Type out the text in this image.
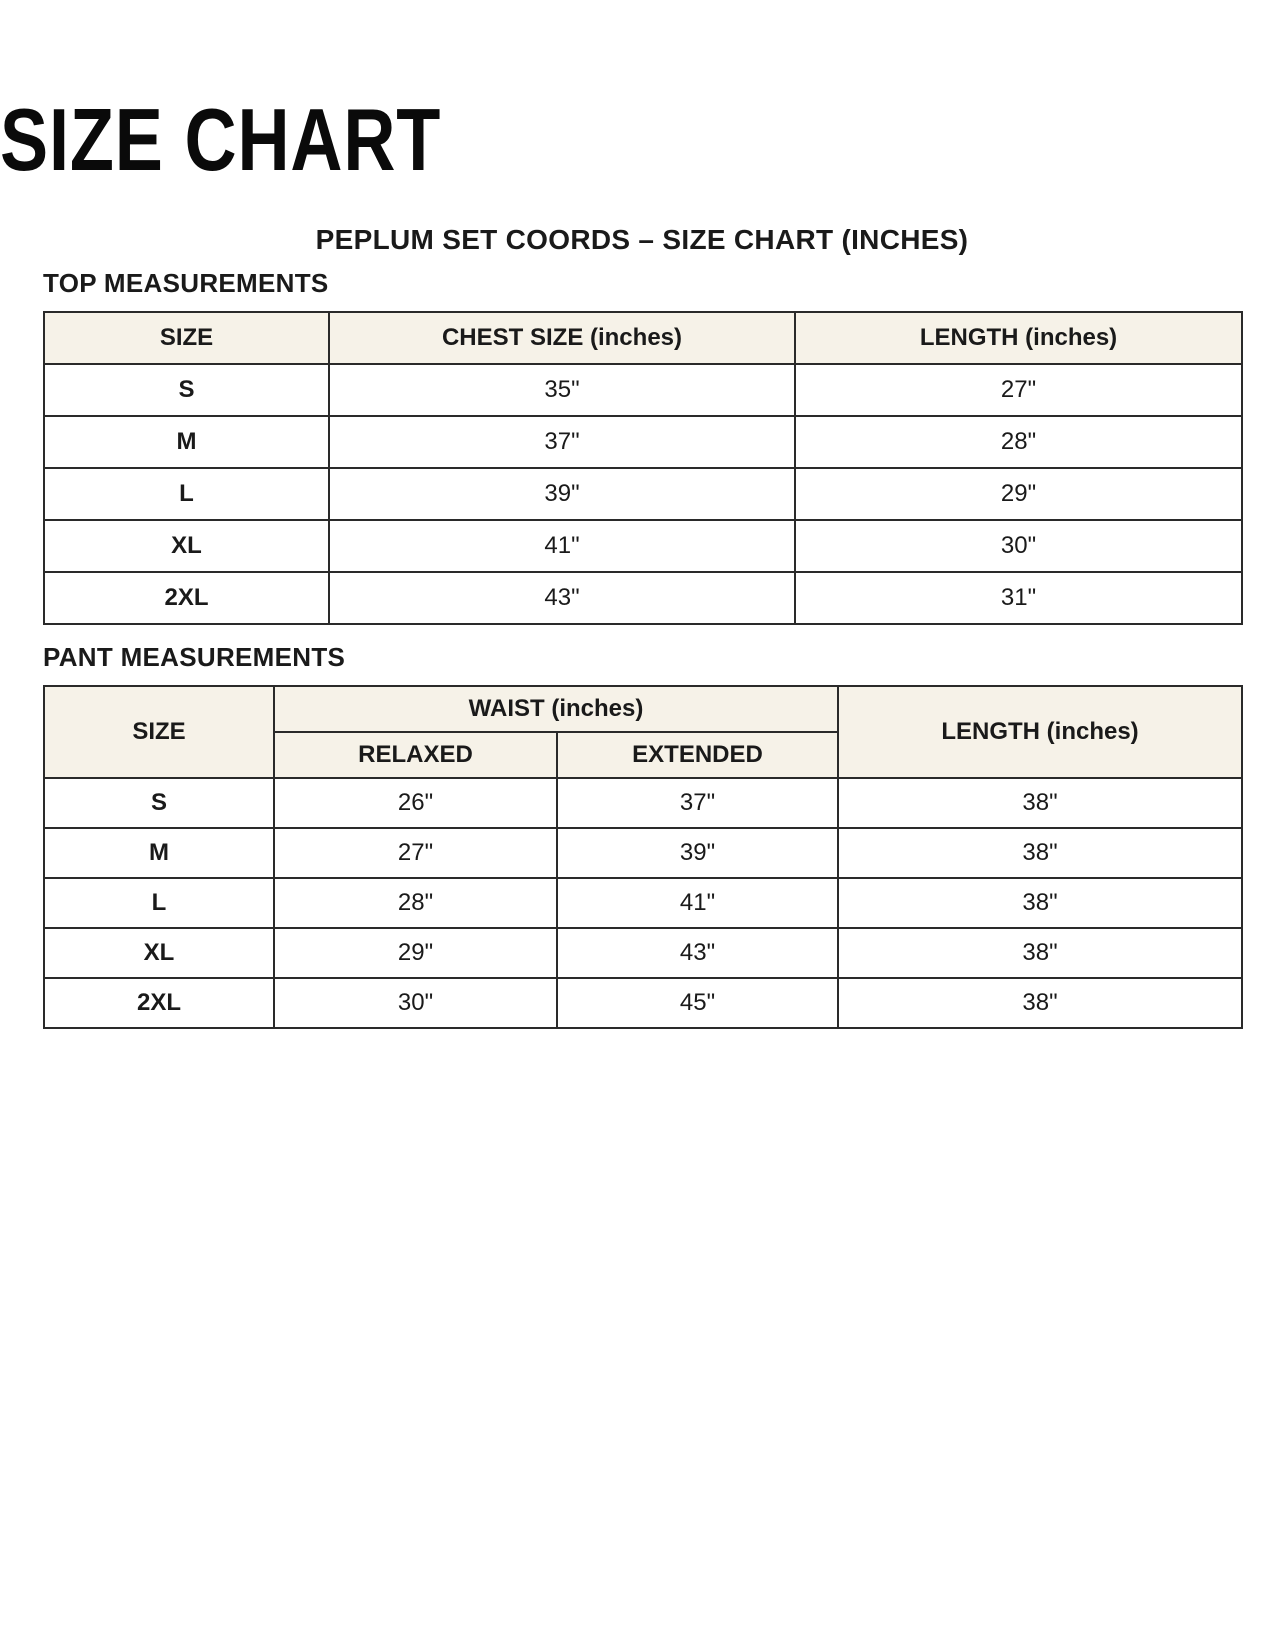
SIZE CHART
PEPLUM SET COORDS – SIZE CHART (INCHES)
TOP MEASUREMENTS
SIZE	CHEST SIZE (inches)	LENGTH (inches)
S	35"	27"
M	37"	28"
L	39"	29"
XL	41"	30"
2XL	43"	31"
PANT MEASUREMENTS
SIZE	WAIST (inches)		LENGTH (inches)
	RELAXED	EXTENDED	
S	26"	37"	38"
M	27"	39"	38"
L	28"	41"	38"
XL	29"	43"	38"
2XL	30"	45"	38"
